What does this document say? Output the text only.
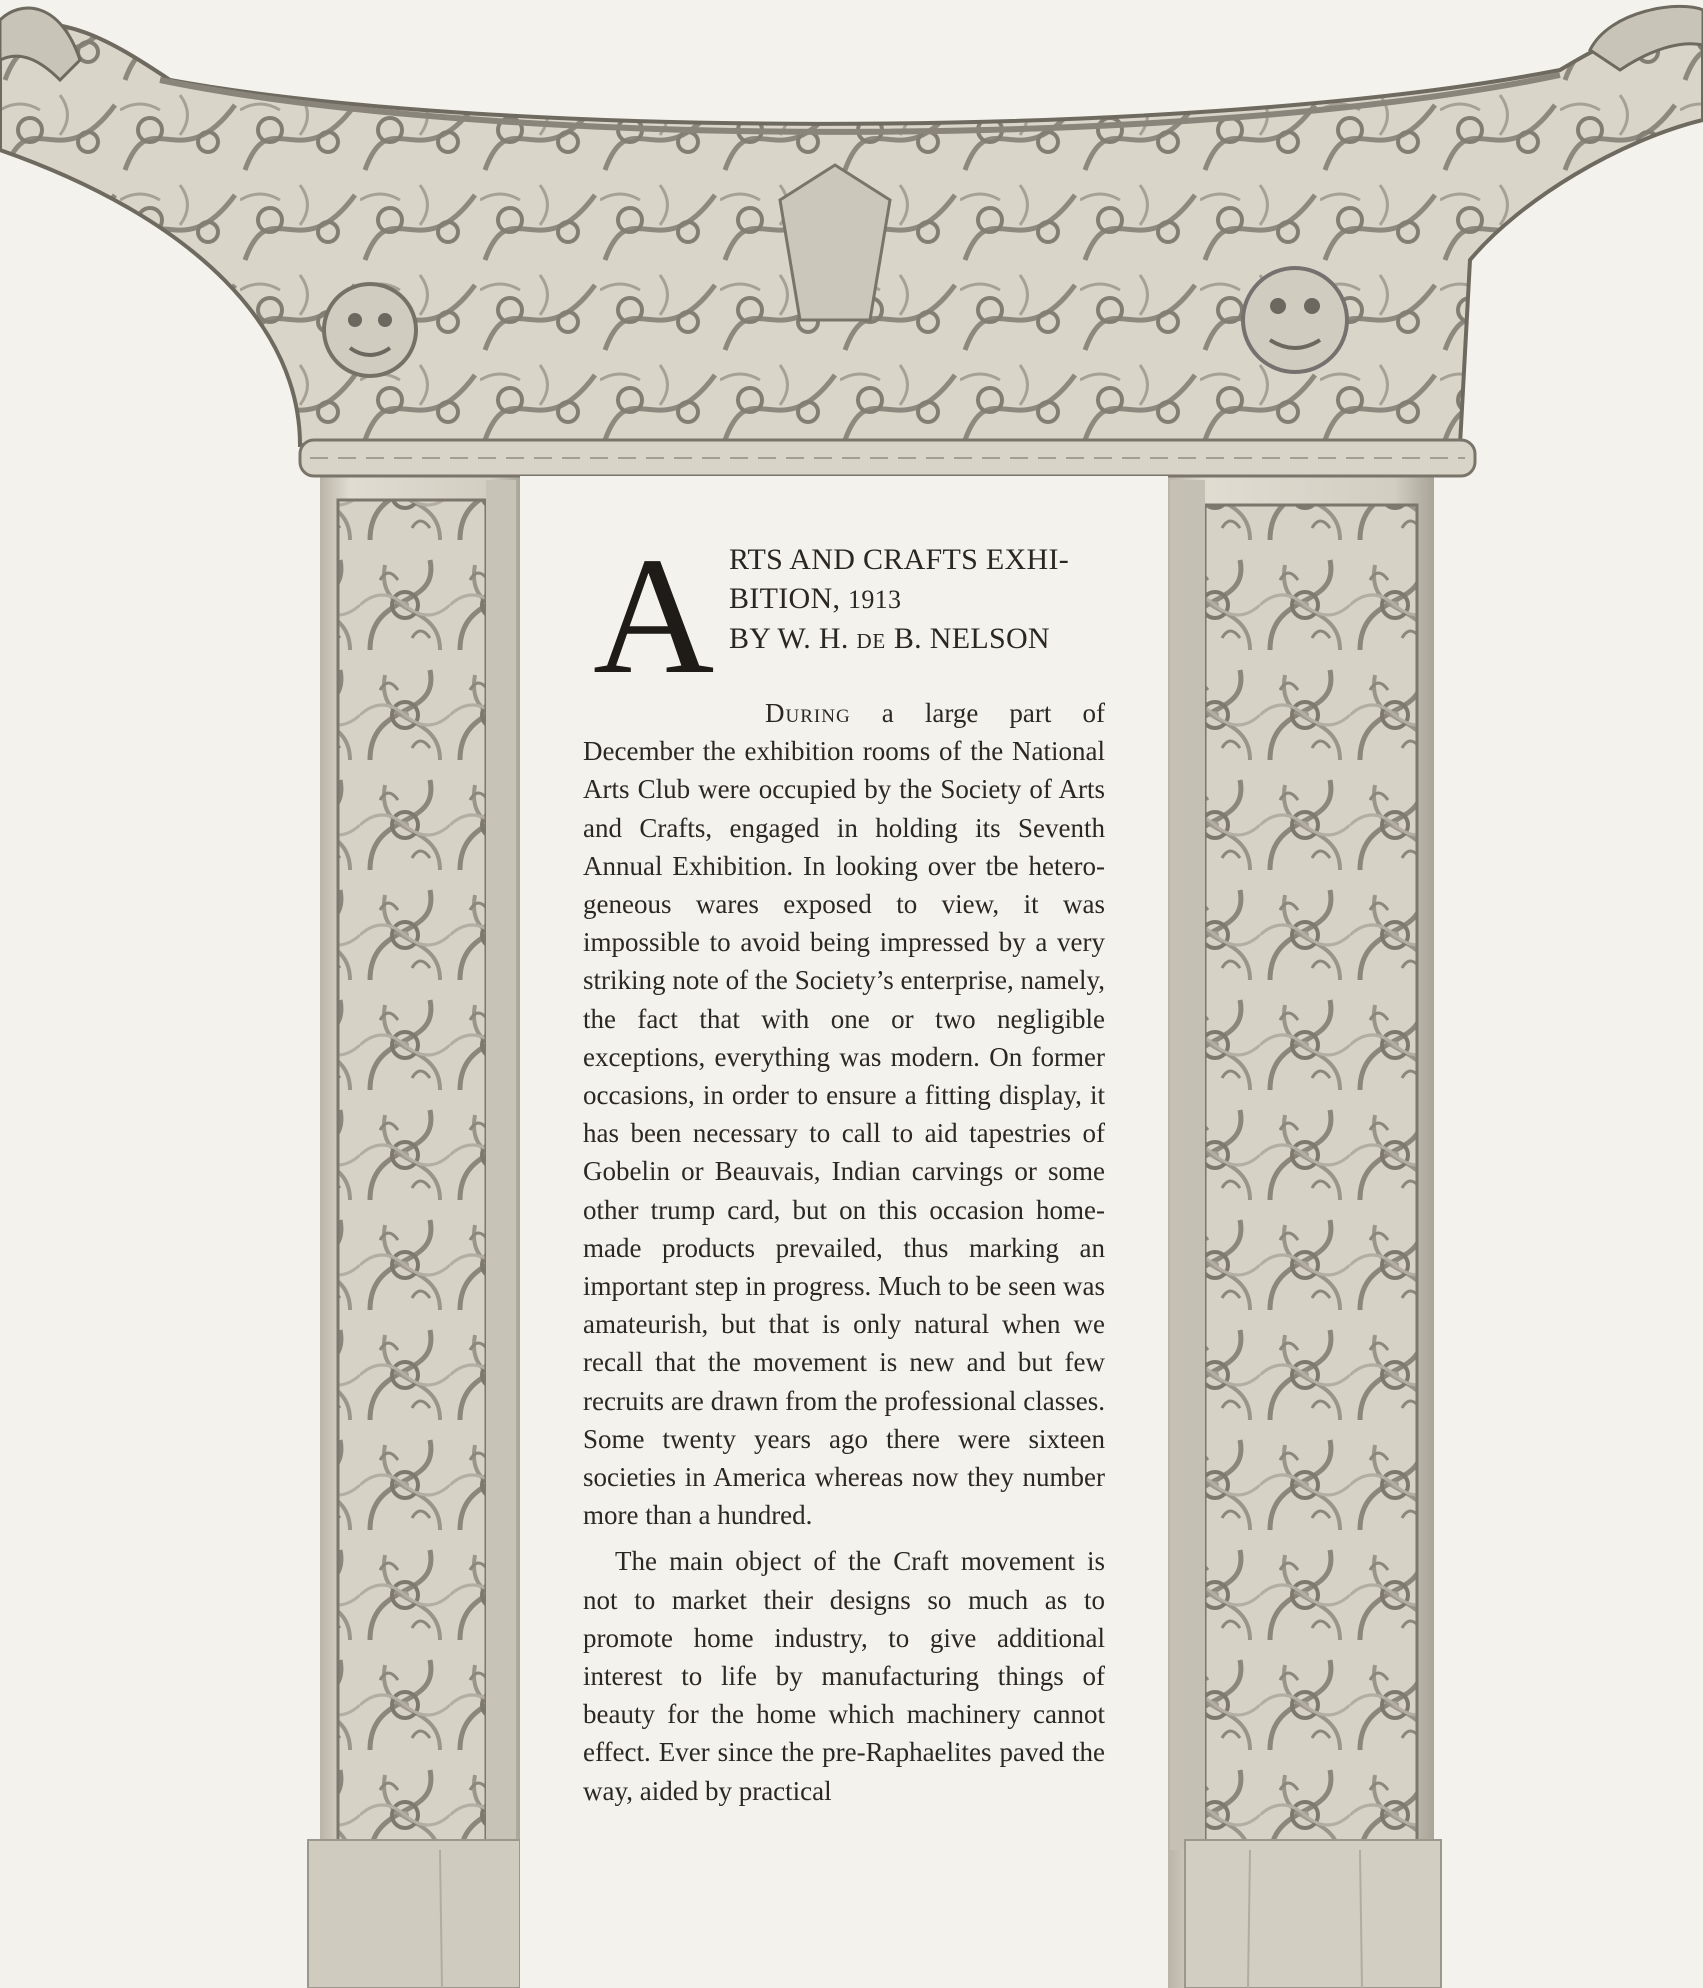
A RTS AND CRAFTS EXHI-
BITION, 1913
BY W. H. DE B. NELSON

During a large part of December the exhibition rooms of the National Arts Club were occupied by the Society of Arts and Crafts, engaged in holding its Seventh Annual Exhibition. In looking over tbe heterogeneous wares exposed to view, it was impossible to avoid being impressed by a very striking note of the Society’s enterprise, namely, the fact that with one or two negligible exceptions, everything was modern. On former occasions, in order to ensure a fitting display, it has been necessary to call to aid tapestries of Gobelin or Beauvais, Indian carvings or some other trump card, but on this occasion home-made products prevailed, thus marking an important step in progress. Much to be seen was amateurish, but that is only natural when we recall that the movement is new and but few recruits are drawn from the professional classes. Some twenty years ago there were sixteen societies in America whereas now they number more than a hundred.

The main object of the Craft movement is not to market their designs so much as to promote home industry, to give additional interest to life by manufacturing things of beauty for the home which machinery cannot effect. Ever since the pre-Raphaelites paved the way, aided by practical
